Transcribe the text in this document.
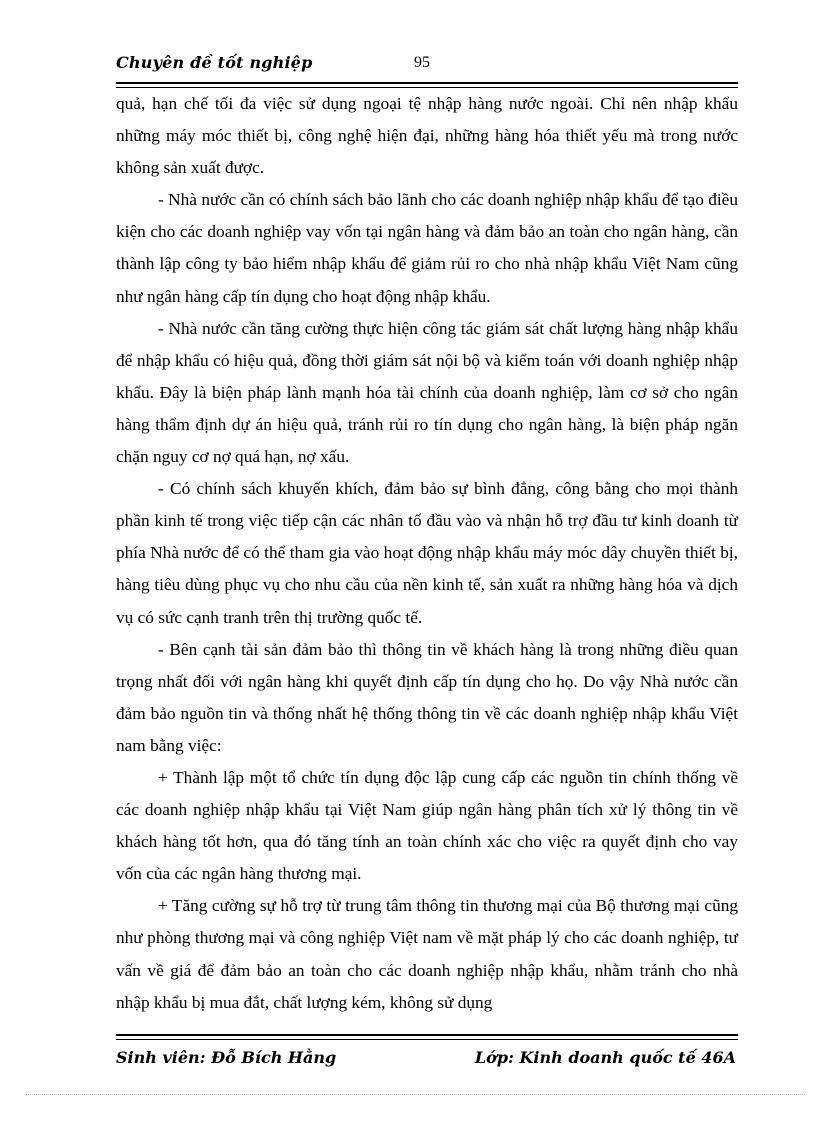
Chuyên đề tốt nghiệp	95

quả, hạn chế tối đa việc sử dụng ngoại tệ nhập hàng nước ngoài. Chỉ nên nhập khẩu những máy móc thiết bị, công nghệ hiện đại, những hàng hóa thiết yếu mà trong nước không sản xuất được.

- Nhà nước cần có chính sách bảo lãnh cho các doanh nghiệp nhập khẩu để tạo điều kiện cho các doanh nghiệp vay vốn tại ngân hàng và đảm bảo an toàn cho ngân hàng, cần thành lập công ty bảo hiểm nhập khẩu để giảm rủi ro cho nhà nhập khẩu Việt Nam cũng như ngân hàng cấp tín dụng cho hoạt động nhập khẩu.

- Nhà nước cần tăng cường thực hiện công tác giám sát chất lượng hàng nhập khẩu để nhập khẩu có hiệu quả, đồng thời giám sát nội bộ và kiểm toán với doanh nghiệp nhập khẩu. Đây là biện pháp lành mạnh hóa tài chính của doanh nghiệp, làm cơ sở cho ngân hàng thẩm định dự án hiệu quả, tránh rủi ro tín dụng cho ngân hàng, là biện pháp ngăn chặn nguy cơ nợ quá hạn, nợ xấu.

- Có chính sách khuyến khích, đảm bảo sự bình đẳng, công bằng cho mọi thành phần kinh tế trong việc tiếp cận các nhân tố đầu vào và nhận hỗ trợ đầu tư kinh doanh từ phía Nhà nước để có thể tham gia vào hoạt động nhập khẩu máy móc dây chuyền thiết bị, hàng tiêu dùng phục vụ cho nhu cầu của nền kinh tế, sản xuất ra những hàng hóa và dịch vụ có sức cạnh tranh trên thị trường quốc tế.

- Bên cạnh tài sản đảm bảo thì thông tin về khách hàng là trong những điều quan trọng nhất đối với ngân hàng khi quyết định cấp tín dụng cho họ. Do vậy Nhà nước cần đảm bảo nguồn tin và thống nhất hệ thống thông tin về các doanh nghiệp nhập khẩu Việt nam bằng việc:

+ Thành lập một tổ chức tín dụng độc lập cung cấp các nguồn tin chính thống về các doanh nghiệp nhập khẩu tại Việt Nam giúp ngân hàng phân tích xử lý thông tin về khách hàng tốt hơn, qua đó tăng tính an toàn chính xác cho việc ra quyết định cho vay vốn của các ngân hàng thương mại.

+ Tăng cường sự hỗ trợ từ trung tâm thông tin thương mại của Bộ thương mại cũng như phòng thương mại và công nghiệp Việt nam về mặt pháp lý cho các doanh nghiệp, tư vấn về giá để đảm bảo an toàn cho các doanh nghiệp nhập khẩu, nhằm tránh cho nhà nhập khẩu bị mua đắt, chất lượng kém, không sử dụng

Sinh viên: Đỗ Bích Hằng	Lớp: Kinh doanh quốc tế 46A
